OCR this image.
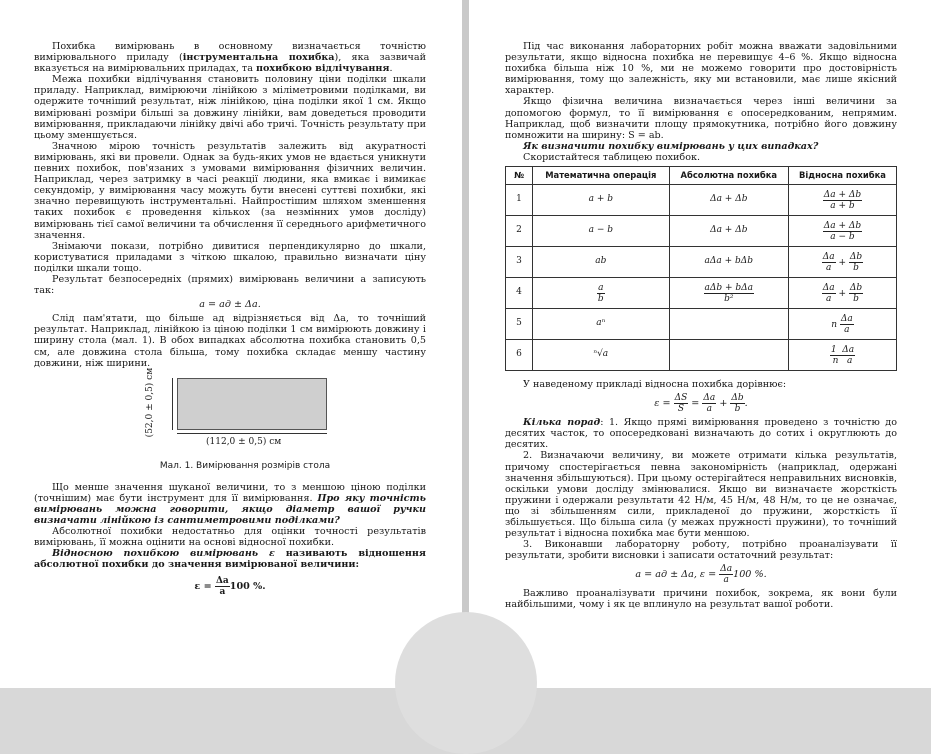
Похибка вимірювань в основному визначається точністю вимірювального приладу (інструментальна похибка), яка зазвичай вказується на вимірювальних приладах, та похибкою відлічування.

Межа похибки відлічування становить половину ціни поділки шкали приладу. Наприклад, вимірюючи лінійкою з міліметровими поділками, ви одержите точніший результат, ніж лінійкою, ціна поділки якої 1 см. Якщо вимірювані розміри більші за довжину лінійки, вам доведеться проводити вимірювання, прикладаючи лінійку двічі або тричі. Точність результату при цьому зменшується.

Значною мірою точність результатів залежить від акуратності вимірювань, які ви провели. Однак за будь-яких умов не вдається уникнути певних похибок, пов'язаних з умовами вимірювання фізичних величин. Наприклад, через затримку в часі реакції людини, яка вмикає і вимикає секундомір, у вимірювання часу можуть бути внесені суттєві похибки, які значно перевищують інструментальні. Найпростішим шляхом зменшення таких похибок є проведення кількох (за незмінних умов досліду) вимірювань тієї самої величини та обчислення її середнього арифметичного значення.

Знімаючи покази, потрібно дивитися перпендикулярно до шкали, користуватися приладами з чіткою шкалою, правильно визначати ціну поділки шкали тощо.

Результат безпосередніх (прямих) вимірювань величини a записують так:

a = aд ± Δa.

Слід пам'ятати, що більше aд відрізняється від Δa, то точніший результат. Наприклад, лінійкою із ціною поділки 1 см вимірюють довжину і ширину стола (мал. 1). В обох випадках абсолютна похибка становить 0,5 см, але довжина стола більша, тому похибка складає меншу частину довжини, ніж ширини.

(52,0 ± 0,5) см
(112,0 ± 0,5) см

Мал. 1. Вимірювання розмірів стола

Що менше значення шуканої величини, то з меншою ціною поділки (точнішим) має бути інструмент для її вимірювання. Про яку точність вимірювань можна говорити, якщо діаметр вашої ручки визначати лінійкою із сантиметровими поділками?

Абсолютної похибки недостатньо для оцінки точності результатів вимірювань, її можна оцінити на основі відносної похибки.

Відносною похибкою вимірювань ε називають відношення абсолютної похибки до значення вимірюваної величини:

$\varepsilon = \frac{\Delta a}{a} 100$ %.

Під час виконання лабораторних робіт можна вважати задовільними результати, якщо відносна похибка не перевищує 4–6 %. Якщо відносна похибка більша ніж 10 %, ми не можемо говорити про достовірність вимірювання, тому що залежність, яку ми встановили, має лише якісний характер.

Якщо фізична величина визначається через інші величини за допомогою формул, то її вимірювання є опосередкованим, непрямим. Наприклад, щоб визначити площу прямокутника, потрібно його довжину помножити на ширину: S = ab.

Як визначити похибку вимірювань у цих випадках?

Скористайтеся таблицею похибок.

№	Математична операція	Абсолютна похибка	Відносна похибка
1	a + b	Δa + Δb	$\frac{\Delta a + \Delta b}{a + b}$

2	a − b	Δa + Δb	$\frac{\Delta a + \Delta b}{a - b}$

3	ab	aΔa + bΔb	$\frac{\Delta a}{a} + \frac{\Delta b}{b}$

4	$\frac{a}{b}$	$\frac{\text{aΔb + bΔa}}{\text{b²}}$	$\frac{\Delta a}{a} + \frac{\Delta b}{b}$

5	aⁿ		n $\frac{\Delta a}{a}$

6	ⁿ√a		$\frac{1 \Delta a}{\text{n   a}}$

У наведеному прикладі відносна похибка дорівнює:

$\varepsilon = \frac{\Delta S}{S} = \frac{\Delta a}{a} + \frac{\Delta b}{b}$ .

Кілька порад: 1. Якщо прямі вимірювання проведено з точністю до десятих часток, то опосередковані визначають до сотих і округлюють до десятих.

2. Визначаючи величину, ви можете отримати кілька результатів, причому спостерігається певна закономірність (наприклад, одержані значення збільшуються). При цьому остерігайтеся неправильних висновків, оскільки умови досліду змінювалися. Якщо ви визначаєте жорсткість пружини і одержали результати 42 Н/м, 45 Н/м, 48 Н/м, то це не означає, що зі збільшенням сили, прикладеної до пружини, жорсткість її збільшується. Що більша сила (у межах пружності пружини), то точніший результат і відносна похибка має бути меншою.

3. Виконавши лабораторну роботу, потрібно проаналізувати її результати, зробити висновки і записати остаточний результат:

a = aд ± Δa, $\varepsilon = \frac{\Delta a}{a} 100$ %.

Важливо проаналізувати причини похибок, зокрема, як вони були найбільшими, чому і як це вплинуло на результат вашої роботи.
